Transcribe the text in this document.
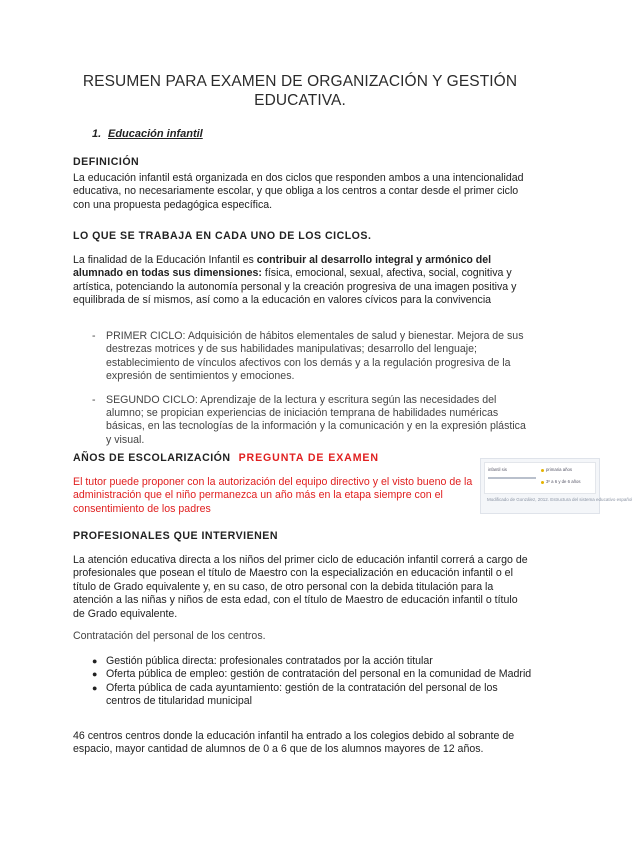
RESUMEN PARA EXAMEN DE ORGANIZACIÓN Y GESTIÓN EDUCATIVA.
1. Educación infantil
DEFINICIÓN

La educación infantil está organizada en dos ciclos que responden ambos a una intencionalidad educativa, no necesariamente escolar, y que obliga a los centros a contar desde el primer ciclo con una propuesta pedagógica específica.

LO QUE SE TRABAJA EN CADA UNO DE LOS CICLOS.

La finalidad de la Educación Infantil es contribuir al desarrollo integral y armónico del alumnado en todas sus dimensiones: física, emocional, sexual, afectiva, social, cognitiva y artística, potenciando la autonomía personal y la creación progresiva de una imagen positiva y equilibrada de sí mismos, así como a la educación en valores cívicos para la convivencia

- PRIMER CICLO: Adquisición de hábitos elementales de salud y bienestar. Mejora de sus destrezas motrices y de sus habilidades manipulativas; desarrollo del lenguaje; establecimiento de vínculos afectivos con los demás y a la regulación progresiva de la expresión de sentimientos y emociones.
- SEGUNDO CICLO: Aprendizaje de la lectura y escritura según las necesidades del alumno; se propician experiencias de iniciación temprana de habilidades numéricas básicas, en las tecnologías de la información y la comunicación y en la expresión plástica y visual.
AÑOS DE ESCOLARIZACIÓN PREGUNTA DE EXAMEN

El tutor puede proponer con la autorización del equipo directivo y el visto bueno de la administración que el niño permanezca un año más en la etapa siempre con el consentimiento de los padres

infantil sis	primaria años
3º a 6 y de 6 años
Modificado de González, 2012. Estructura del sistema educativo español
PROFESIONALES QUE INTERVIENEN

La atención educativa directa a los niños del primer ciclo de educación infantil correrá a cargo de profesionales que posean el título de Maestro con la especialización en educación infantil o el título de Grado equivalente y, en su caso, de otro personal con la debida titulación para la atención a las niñas y niños de esta edad, con el título de Maestro de educación infantil o título de Grado equivalente.

Contratación del personal de los centros.

● Gestión pública directa: profesionales contratados por la acción titular
● Oferta pública de empleo: gestión de contratación del personal en la comunidad de Madrid
● Oferta pública de cada ayuntamiento: gestión de la contratación del personal de los centros de titularidad municipal

46 centros centros donde la educación infantil ha entrado a los colegios debido al sobrante de espacio, mayor cantidad de alumnos de 0 a 6 que de los alumnos mayores de 12 años.
